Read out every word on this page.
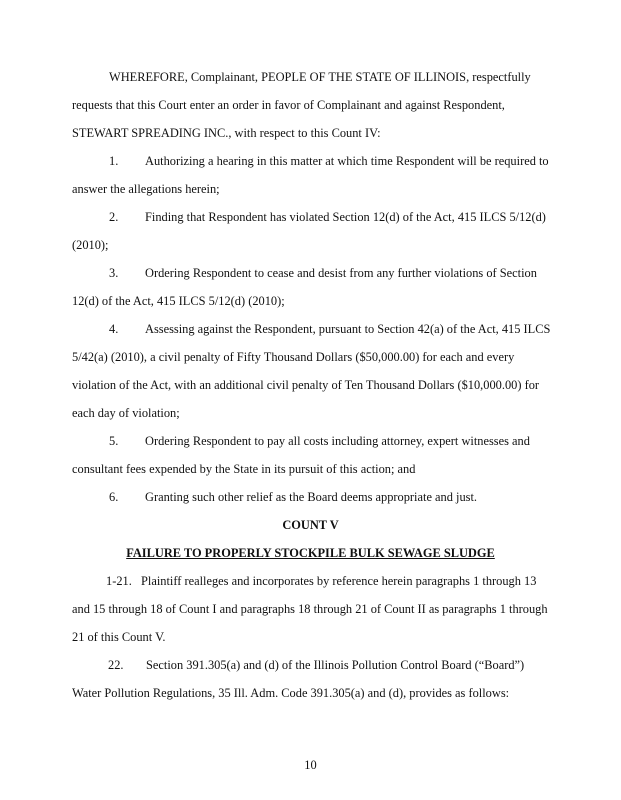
WHEREFORE, Complainant, PEOPLE OF THE STATE OF ILLINOIS, respectfully
requests that this Court enter an order in favor of Complainant and against Respondent,
STEWART SPREADING INC., with respect to this Count IV:
1. Authorizing a hearing in this matter at which time Respondent will be required to
answer the allegations herein;
2. Finding that Respondent has violated Section 12(d) of the Act, 415 ILCS 5/12(d)
(2010);
3. Ordering Respondent to cease and desist from any further violations of Section
12(d) of the Act, 415 ILCS 5/12(d) (2010);
4. Assessing against the Respondent, pursuant to Section 42(a) of the Act, 415 ILCS
5/42(a) (2010), a civil penalty of Fifty Thousand Dollars ($50,000.00) for each and every
violation of the Act, with an additional civil penalty of Ten Thousand Dollars ($10,000.00) for
each day of violation;
5. Ordering Respondent to pay all costs including attorney, expert witnesses and
consultant fees expended by the State in its pursuit of this action; and
6. Granting such other relief as the Board deems appropriate and just.
COUNT V
FAILURE TO PROPERLY STOCKPILE BULK SEWAGE SLUDGE
1-21. Plaintiff realleges and incorporates by reference herein paragraphs 1 through 13
and 15 through 18 of Count I and paragraphs 18 through 21 of Count II as paragraphs 1 through
21 of this Count V.
22. Section 391.305(a) and (d) of the Illinois Pollution Control Board (“Board”)
Water Pollution Regulations, 35 Ill. Adm. Code 391.305(a) and (d), provides as follows:
10
